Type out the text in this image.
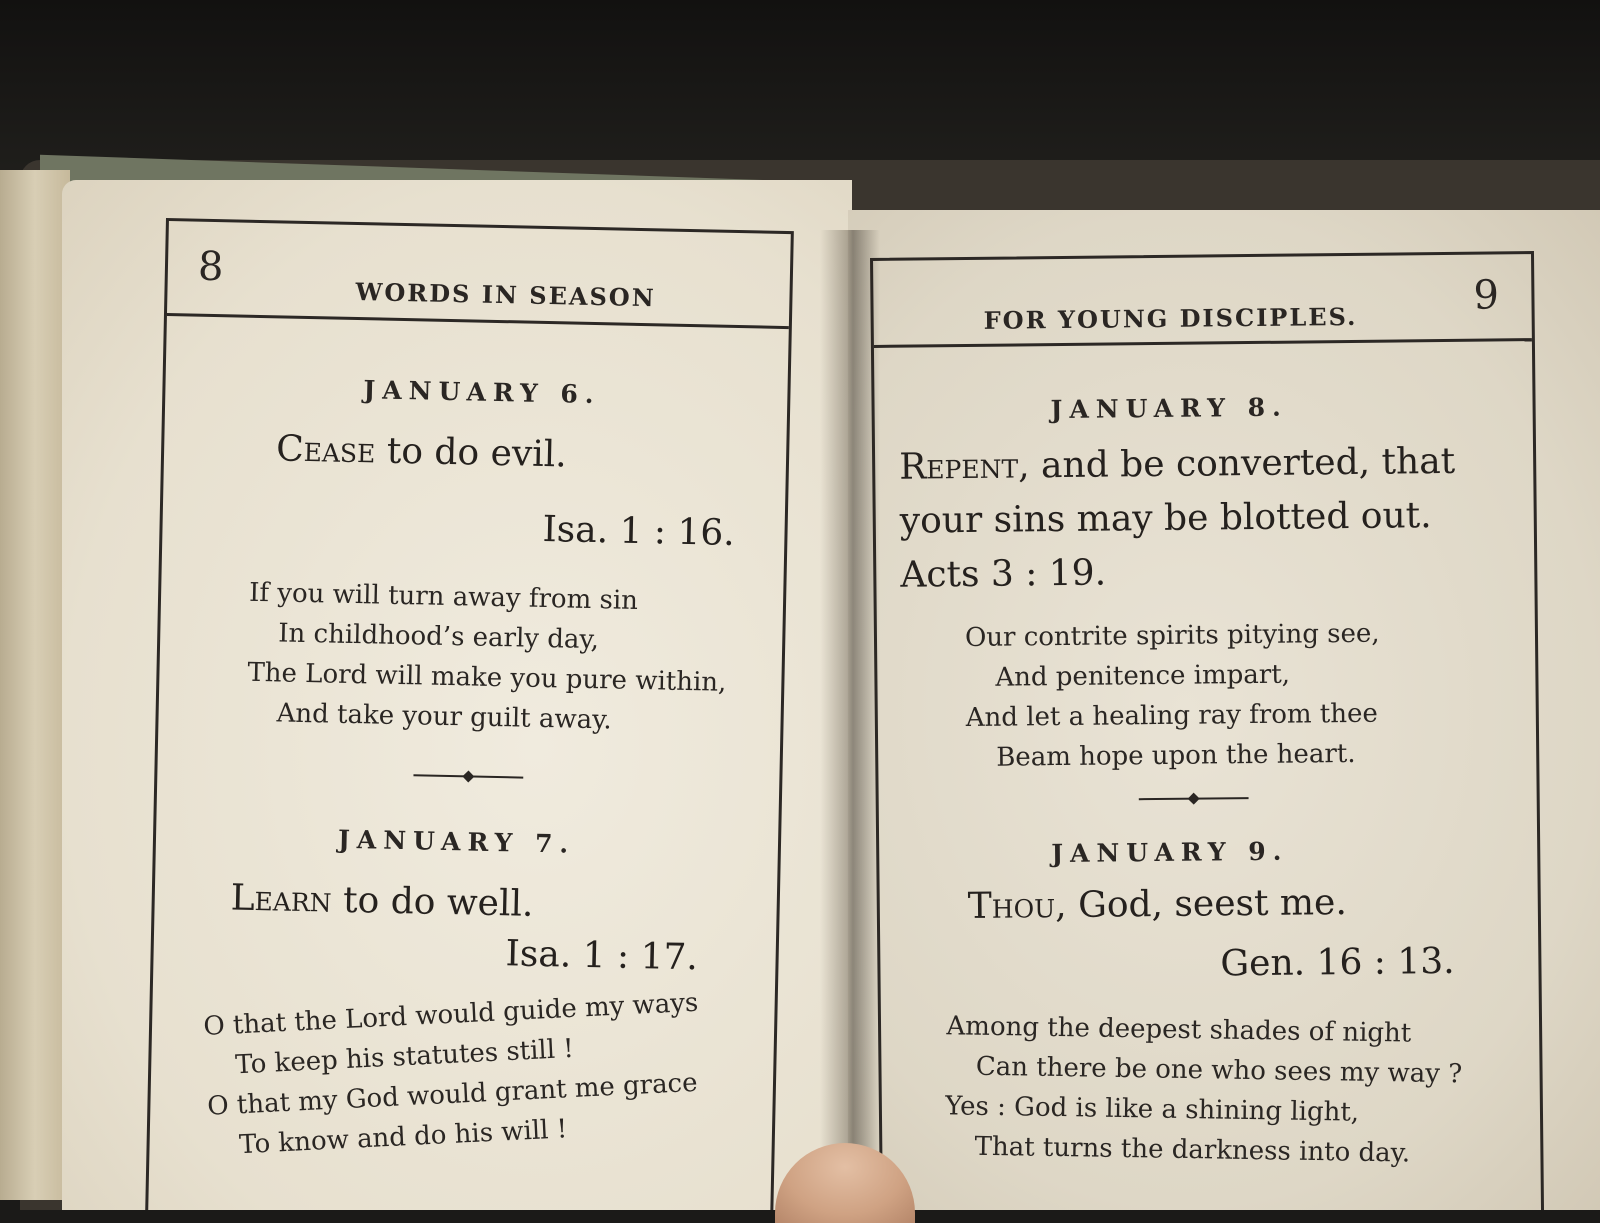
8
WORDS IN SEASON
JANUARY 6.
Cease to do evil.
Isa. 1 : 16.
If you will turn away from sin
In childhood’s early day,
The Lord will make you pure within,
And take your guilt away.
JANUARY 7.
Learn to do well.
Isa. 1 : 17.
O that the Lord would guide my ways
To keep his statutes still !
O that my God would grant me grace
To know and do his will !
FOR YOUNG DISCIPLES.	9
JANUARY 8.
Repent, and be converted, that
your sins may be blotted out.
Acts 3 : 19.
Our contrite spirits pitying see,
And penitence impart,
And let a healing ray from thee
Beam hope upon the heart.
JANUARY 9.
Thou, God, seest me.
Gen. 16 : 13.
Among the deepest shades of night
Can there be one who sees my way ?
Yes : God is like a shining light,
That turns the darkness into day.
